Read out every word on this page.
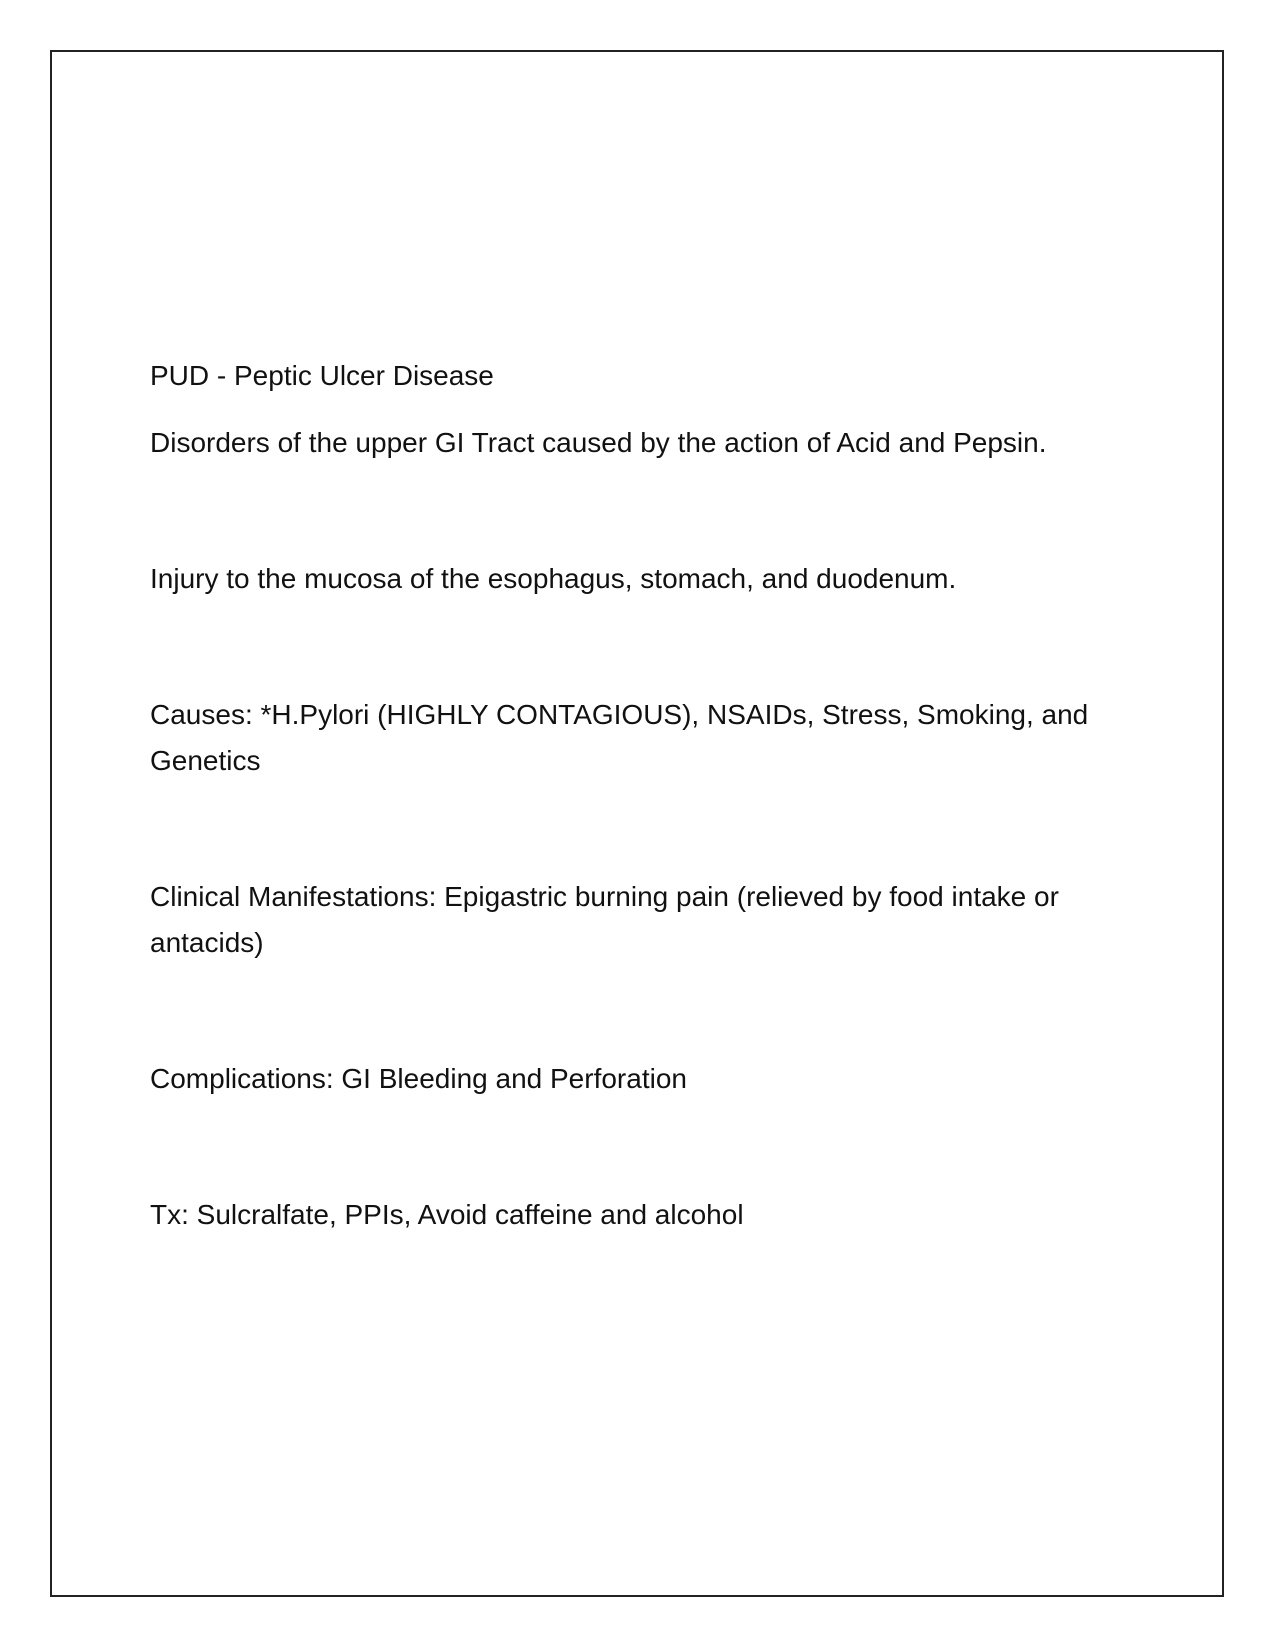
PUD - Peptic Ulcer Disease

Disorders of the upper GI Tract caused by the action of Acid and Pepsin.

Injury to the mucosa of the esophagus, stomach, and duodenum.

Causes: *H.Pylori (HIGHLY CONTAGIOUS), NSAIDs, Stress, Smoking, and Genetics

Clinical Manifestations: Epigastric burning pain (relieved by food intake or antacids)

Complications: GI Bleeding and Perforation

Tx: Sulcralfate, PPIs, Avoid caffeine and alcohol
